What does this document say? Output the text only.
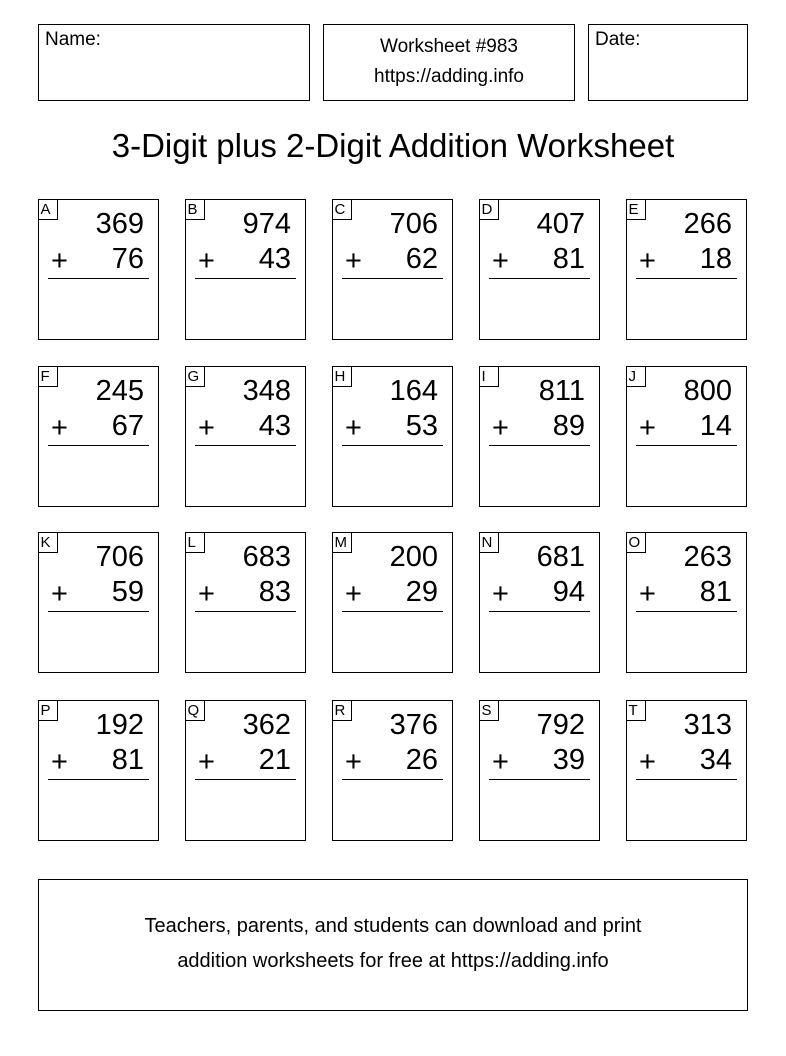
Name:	Worksheet #983
https://adding.info
Date:
3-Digit plus 2-Digit Addition Worksheet
A 369
+ 76
B 974
+ 43
C 706
+ 62
D 407
+ 81
E 266
+ 18
F 245
+ 67
G 348
+ 43
H 164
+ 53
I	811
+ 89
J	800
+ 14
K 706
+ 59
L 683
+ 83
M 200
+ 29
N 681
+ 94
O 263
+ 81
P 192
+ 81
Q 362
+ 21
R 376
+ 26
S 792
+ 39
T 313
+ 34
Teachers, parents, and students can download and print
addition worksheets for free at https://adding.info
